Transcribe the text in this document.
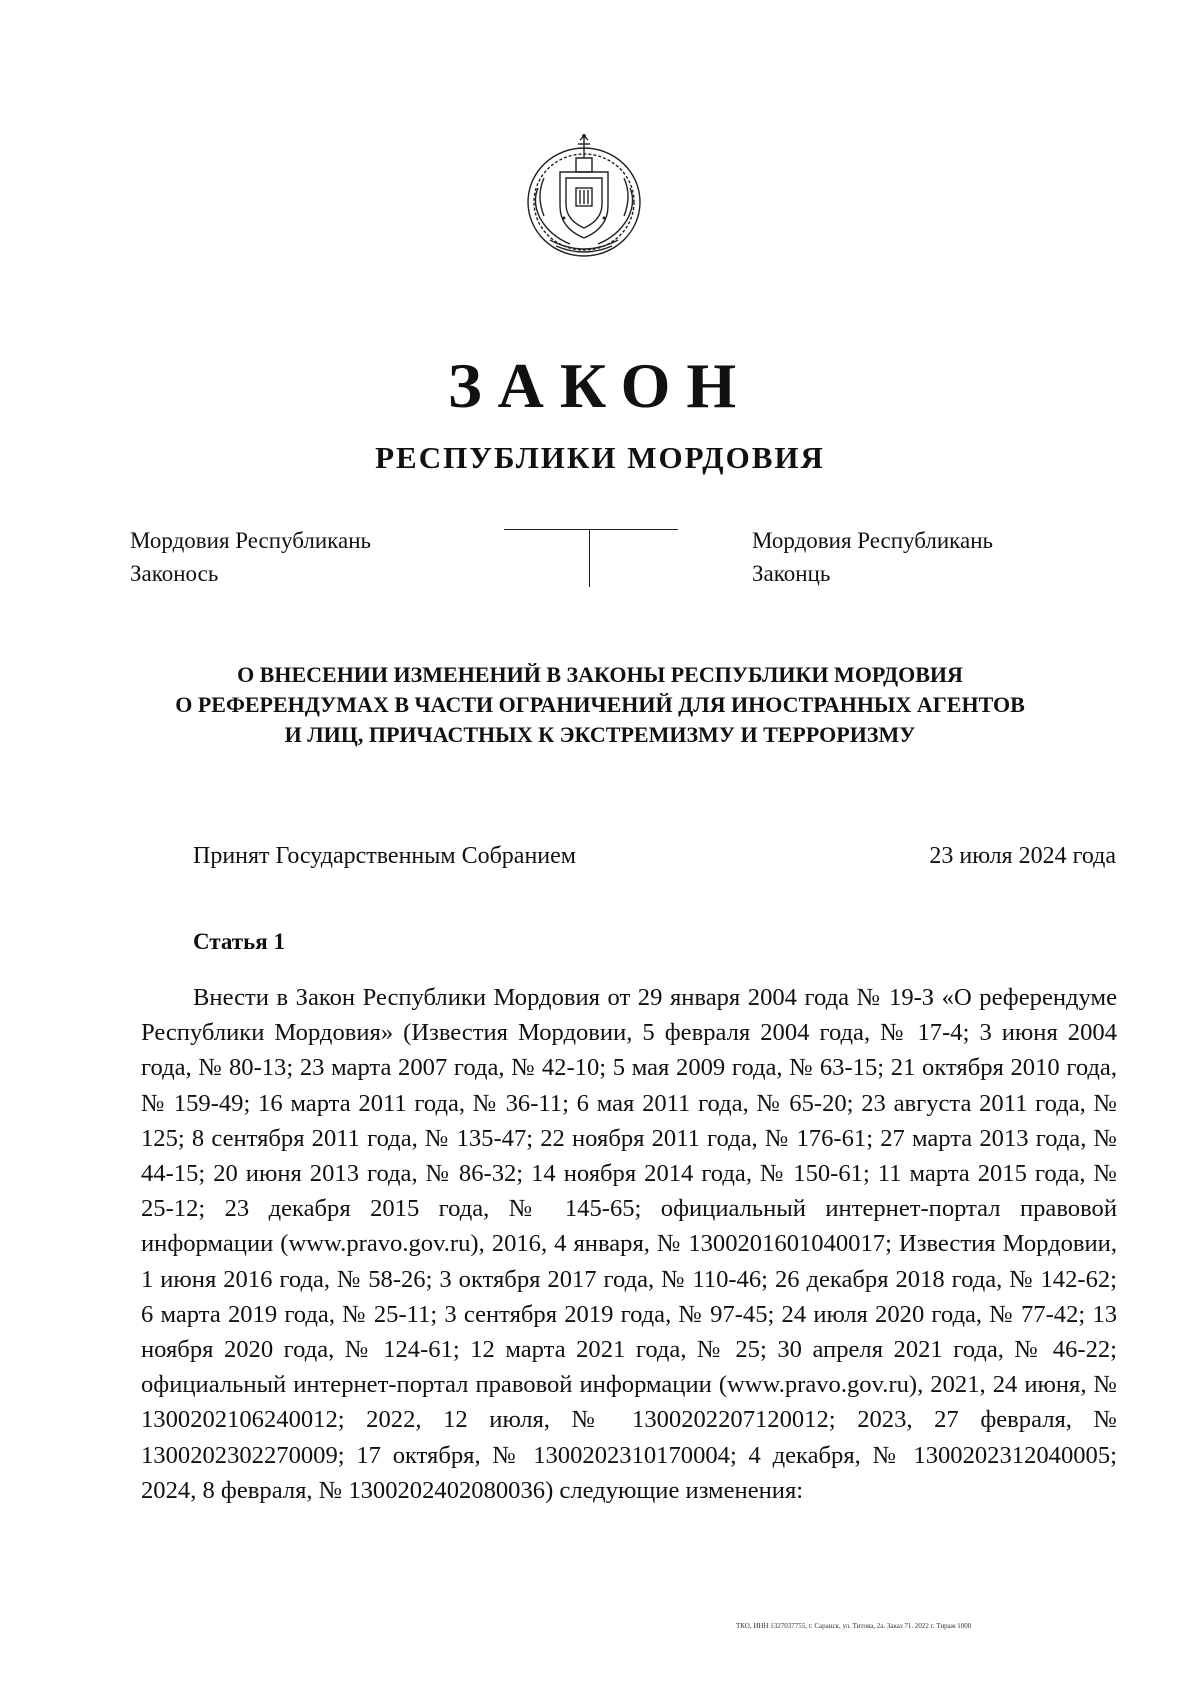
ЗАКОН
РЕСПУБЛИКИ МОРДОВИЯ
Мордовия Республикань
Законось
Мордовия Республикань
Законць
О ВНЕСЕНИИ ИЗМЕНЕНИЙ В ЗАКОНЫ РЕСПУБЛИКИ МОРДОВИЯ
О РЕФЕРЕНДУМАХ В ЧАСТИ ОГРАНИЧЕНИЙ ДЛЯ ИНОСТРАННЫХ АГЕНТОВ
И ЛИЦ, ПРИЧАСТНЫХ К ЭКСТРЕМИЗМУ И ТЕРРОРИЗМУ
Принят Государственным Собранием	23 июля 2024 года
Статья 1

Внести в Закон Республики Мордовия от 29 января 2004 года № 19-З «О референдуме Республики Мордовия» (Известия Мордовии, 5 февраля 2004 года, № 17-4; 3 июня 2004 года, № 80-13; 23 марта 2007 года, № 42-10; 5 мая 2009 года, № 63-15; 21 октября 2010 года, № 159-49; 16 марта 2011 года, № 36-11; 6 мая 2011 года, № 65-20; 23 августа 2011 года, № 125; 8 сентября 2011 года, № 135-47; 22 ноября 2011 года, № 176-61; 27 марта 2013 года, № 44-15; 20 июня 2013 года, № 86-32; 14 ноября 2014 года, № 150-61; 11 марта 2015 года, № 25-12; 23 декабря 2015 года, № 145-65; официальный интернет-портал правовой информации (www.pravo.gov.ru), 2016, 4 января, № 1300201601040017; Известия Мордовии, 1 июня 2016 года, № 58-26; 3 октября 2017 года, № 110-46; 26 декабря 2018 года, № 142-62; 6 марта 2019 года, № 25-11; 3 сентября 2019 года, № 97-45; 24 июля 2020 года, № 77-42; 13 ноября 2020 года, № 124-61; 12 марта 2021 года, № 25; 30 апреля 2021 года, № 46-22; официальный интернет-портал правовой информации (www.pravo.gov.ru), 2021, 24 июня, № 1300202106240012; 2022, 12 июля, № 1300202207120012; 2023, 27 февраля, № 1300202302270009; 17 октября, № 1300202310170004; 4 декабря, № 1300202312040005; 2024, 8 февраля, № 1300202402080036) следующие изменения:

ТКО, ИНН 1327037755, г. Саранск, ул. Титова, 2а. Заказ 71. 2022 г. Тираж 1000
